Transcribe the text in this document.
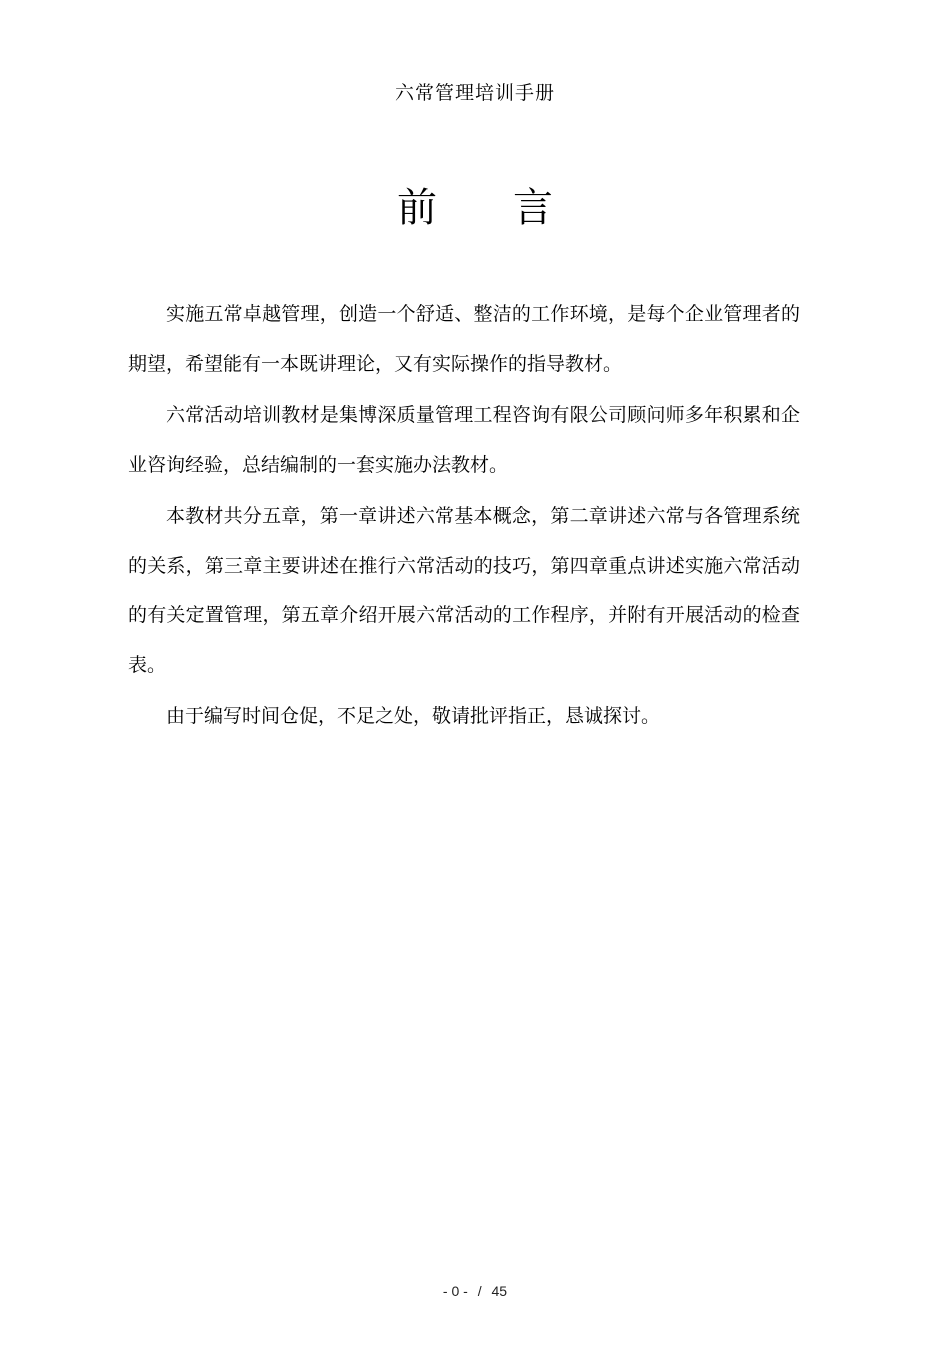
六常管理培训手册
前 言

实施五常卓越管理，创造一个舒适、整洁的工作环境，是每个企业管理者的期望，希望能有一本既讲理论，又有实际操作的指导教材。

六常活动培训教材是集博深质量管理工程咨询有限公司顾问师多年积累和企业咨询经验，总结编制的一套实施办法教材。

本教材共分五章，第一章讲述六常基本概念，第二章讲述六常与各管理系统的关系，第三章主要讲述在推行六常活动的技巧，第四章重点讲述实施六常活动的有关定置管理，第五章介绍开展六常活动的工作程序，并附有开展活动的检查表。

由于编写时间仓促，不足之处，敬请批评指正，恳诚探讨。

- 0 - / 45
